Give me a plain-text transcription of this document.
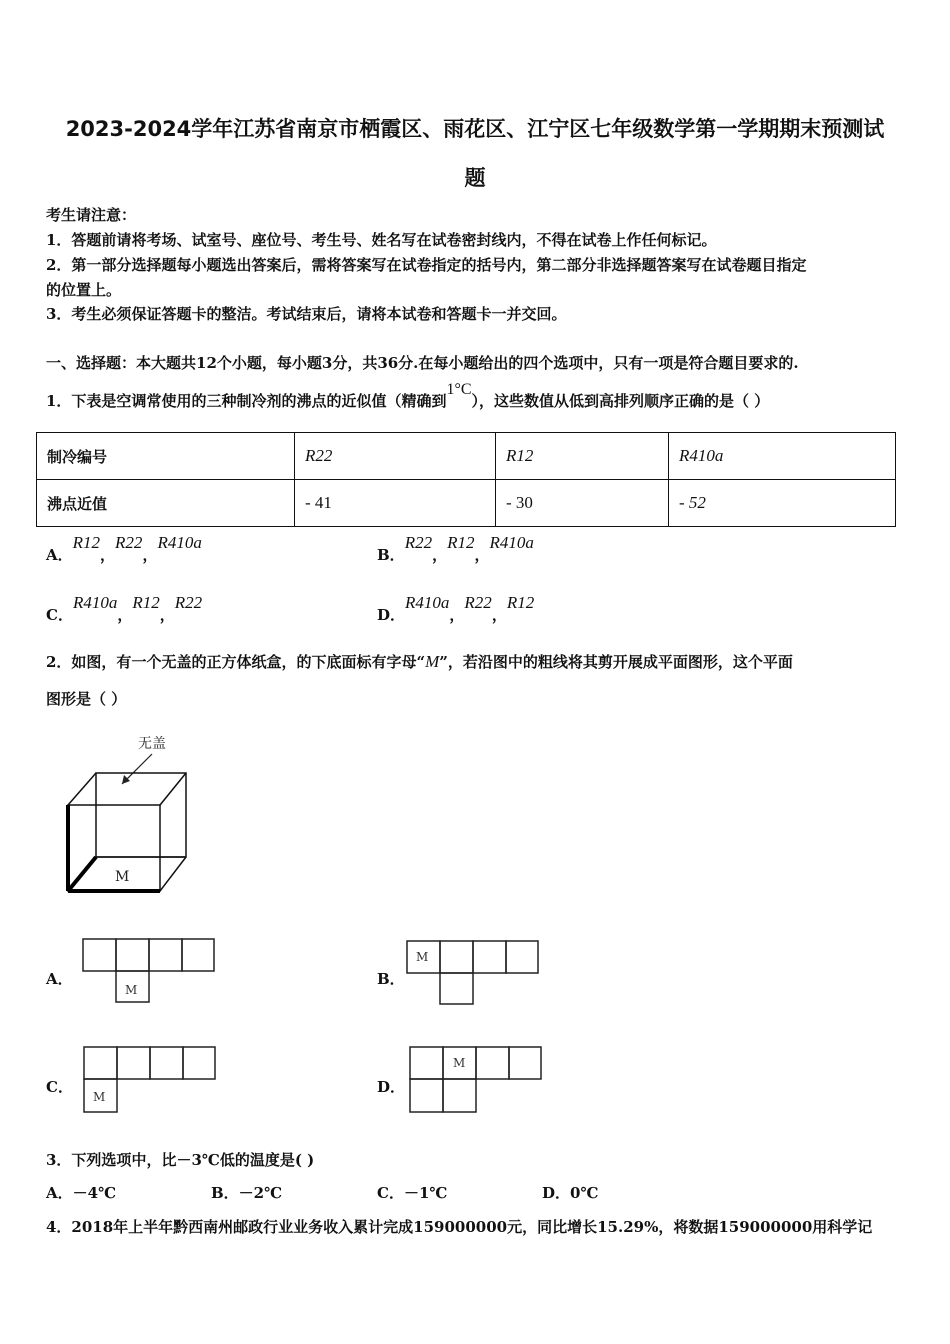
2023-2024学年江苏省南京市栖霞区、雨花区、江宁区七年级数学第一学期期末预测试
题
考生请注意：
1．答题前请将考场、试室号、座位号、考生号、姓名写在试卷密封线内，不得在试卷上作任何标记。
2．第一部分选择题每小题选出答案后，需将答案写在试卷指定的括号内，第二部分非选择题答案写在试卷题目指定
的位置上。
3．考生必须保证答题卡的整洁。考试结束后，请将本试卷和答题卡一并交回。
一、选择题：本大题共12个小题，每小题3分，共36分.在每小题给出的四个选项中，只有一项是符合题目要求的.
1．下表是空调常使用的三种制冷剂的沸点的近似值（精确到1°C），这些数值从低到高排列顺序正确的是（ ）
制冷编号	R22	R12	R410a
沸点近值	- 41	- 30	- 52
A．R12，R22，R410a
B．R22，R12，R410a
C．R410a，R12，R22
D．R410a，R22，R12
2．如图，有一个无盖的正方体纸盒，的下底面标有字母“M”，若沿图中的粗线将其剪开展成平面图形，这个平面
图形是（ ）
无盖
M
A．
M
B．
M
C．
M
D．
M
3．下列选项中，比－3℃低的温度是( )
A．－4℃	B．－2℃	C．－1℃	D．0℃
4．2018年上半年黔西南州邮政行业业务收入累计完成159000000元，同比增长15.29%，将数据159000000用科学记
